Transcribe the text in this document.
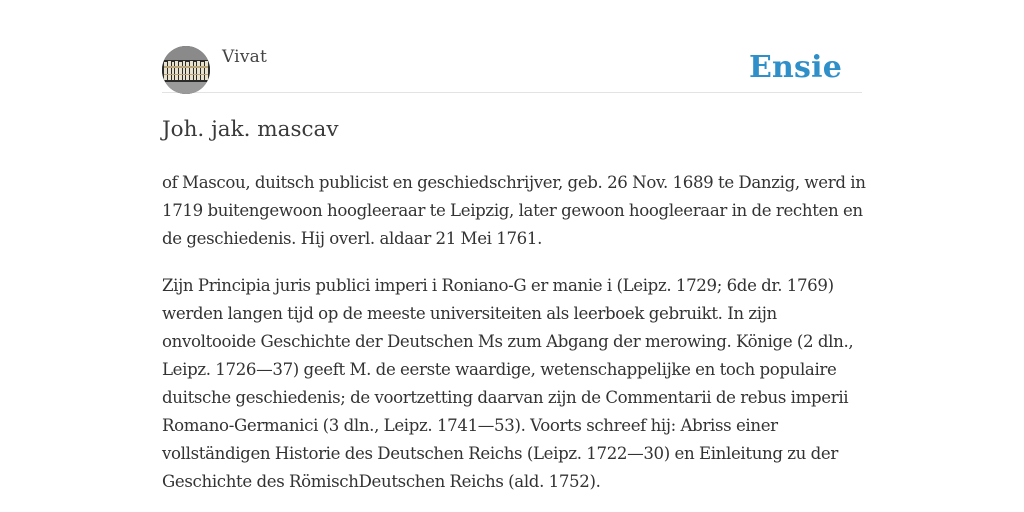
Vivat	Ensie
Joh. jak. mascav

of Mascou, duitsch publicist en geschiedschrijver, geb. 26 Nov. 1689 te Danzig, werd in 1719 buitengewoon hoogleeraar te Leipzig, later gewoon hoogleeraar in de rechten en de geschiedenis. Hij overl. aldaar 21 Mei 1761.

Zijn Principia juris publici imperi i Roniano-G er manie i (Leipz. 1729; 6de dr. 1769) werden langen tijd op de meeste universiteiten als leerboek gebruikt. In zijn onvoltooide Geschichte der Deutschen Ms zum Abgang der merowing. Könige (2 dln., Leipz. 1726—37) geeft M. de eerste waardige, wetenschappelijke en toch populaire duitsche geschiedenis; de voortzetting daarvan zijn de Commentarii de rebus imperii Romano-Germanici (3 dln., Leipz. 1741—53). Voorts schreef hij: Abriss einer vollständigen Historie des Deutschen Reichs (Leipz. 1722—30) en Einleitung zu der Geschichte des RömischDeutschen Reichs (ald. 1752).
